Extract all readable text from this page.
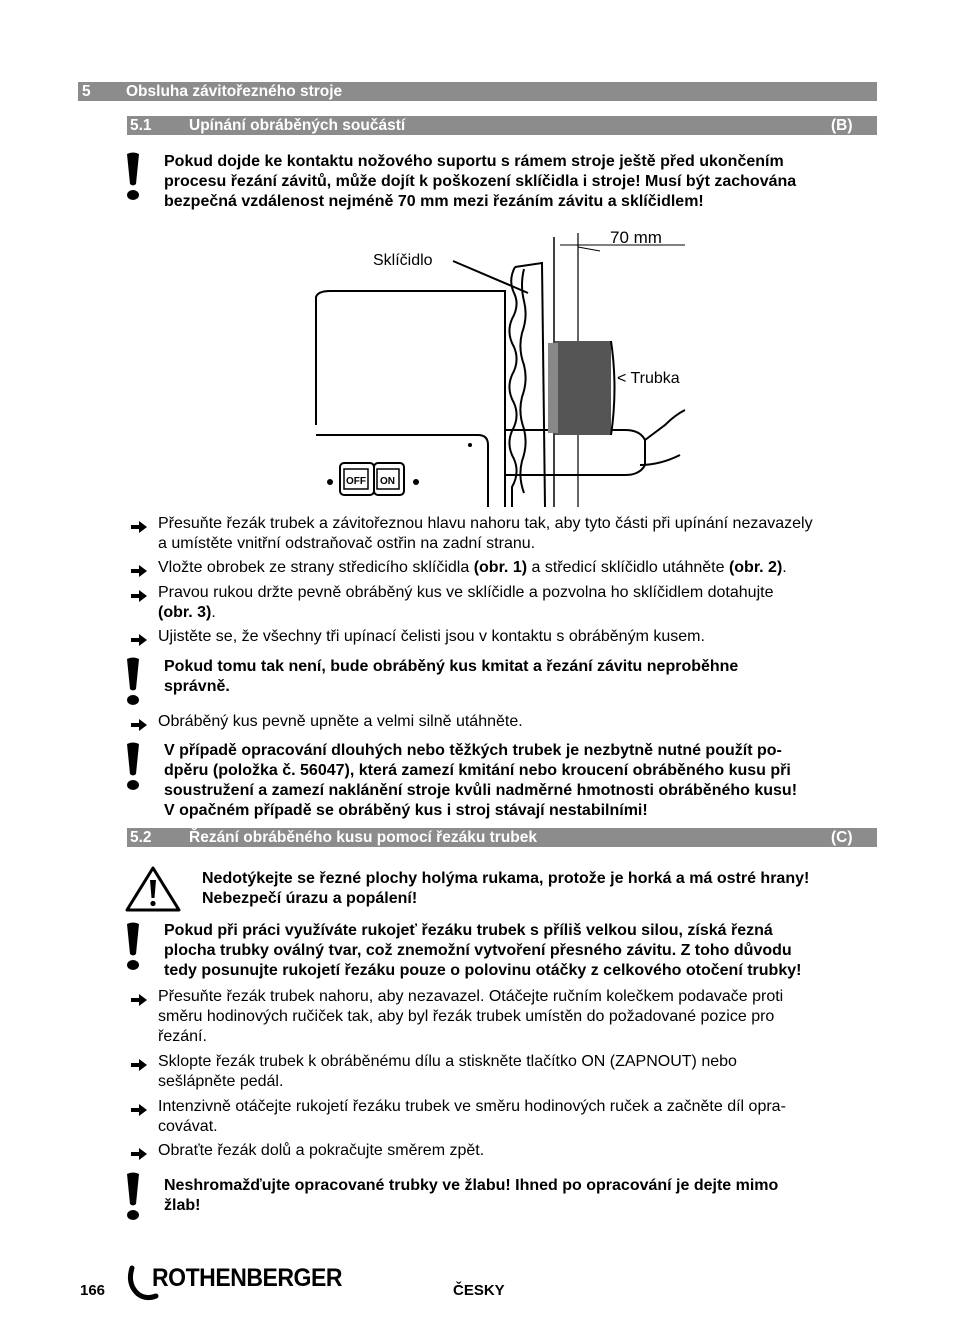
5 Obsluha závitořezného stroje
5.1 Upínání obráběných součástí	(B)
Pokud dojde ke kontaktu nožového suportu s rámem stroje ještě před ukončením
procesu řezání závitů, může dojít k poškození sklíčidla i stroje! Musí být zachována
bezpečná vzdálenost nejméně 70 mm mezi řezáním závitu a sklíčidlem!
OFF ON
70 mm
Sklíčidlo
< Trubka
Přesuňte řezák trubek a závitořeznou hlavu nahoru tak, aby tyto části při upínání nezavazely
a umístěte vnitřní odstraňovač ostřin na zadní stranu.
Vložte obrobek ze strany středicího sklíčidla (obr. 1) a středicí sklíčidlo utáhněte (obr. 2).
Pravou rukou držte pevně obráběný kus ve sklíčidle a pozvolna ho sklíčidlem dotahujte
(obr. 3).
Ujistěte se, že všechny tři upínací čelisti jsou v kontaktu s obráběným kusem.
Pokud tomu tak není, bude obráběný kus kmitat a řezání závitu neproběhne
správně.
Obráběný kus pevně upněte a velmi silně utáhněte.
V případě opracování dlouhých nebo těžkých trubek je nezbytně nutné použít po-
dpěru (položka č. 56047), která zamezí kmitání nebo kroucení obráběného kusu při
soustružení a zamezí naklánění stroje kvůli nadměrné hmotnosti obráběného kusu!
V opačném případě se obráběný kus i stroj stávají nestabilními!
5.2 Řezání obráběného kusu pomocí řezáku trubek	(C)
Nedotýkejte se řezné plochy holýma rukama, protože je horká a má ostré hrany!
Nebezpečí úrazu a popálení!
Pokud při práci využíváte rukojeť řezáku trubek s příliš velkou silou, získá řezná
plocha trubky oválný tvar, což znemožní vytvoření přesného závitu. Z toho důvodu
tedy posunujte rukojetí řezáku pouze o polovinu otáčky z celkového otočení trubky!
Přesuňte řezák trubek nahoru, aby nezavazel. Otáčejte ručním kolečkem podavače proti
směru hodinových ručiček tak, aby byl řezák trubek umístěn do požadované pozice pro
řezání.
Sklopte řezák trubek k obráběnému dílu a stiskněte tlačítko ON (ZAPNOUT) nebo
sešlápněte pedál.
Intenzivně otáčejte rukojetí řezáku trubek ve směru hodinových ruček a začněte díl opra-
covávat.
Obraťte řezák dolů a pokračujte směrem zpět.
Neshromažďujte opracované trubky ve žlabu! Ihned po opracování je dejte mimo
žlab!
166 ROTHENBERGER	ČESKY
